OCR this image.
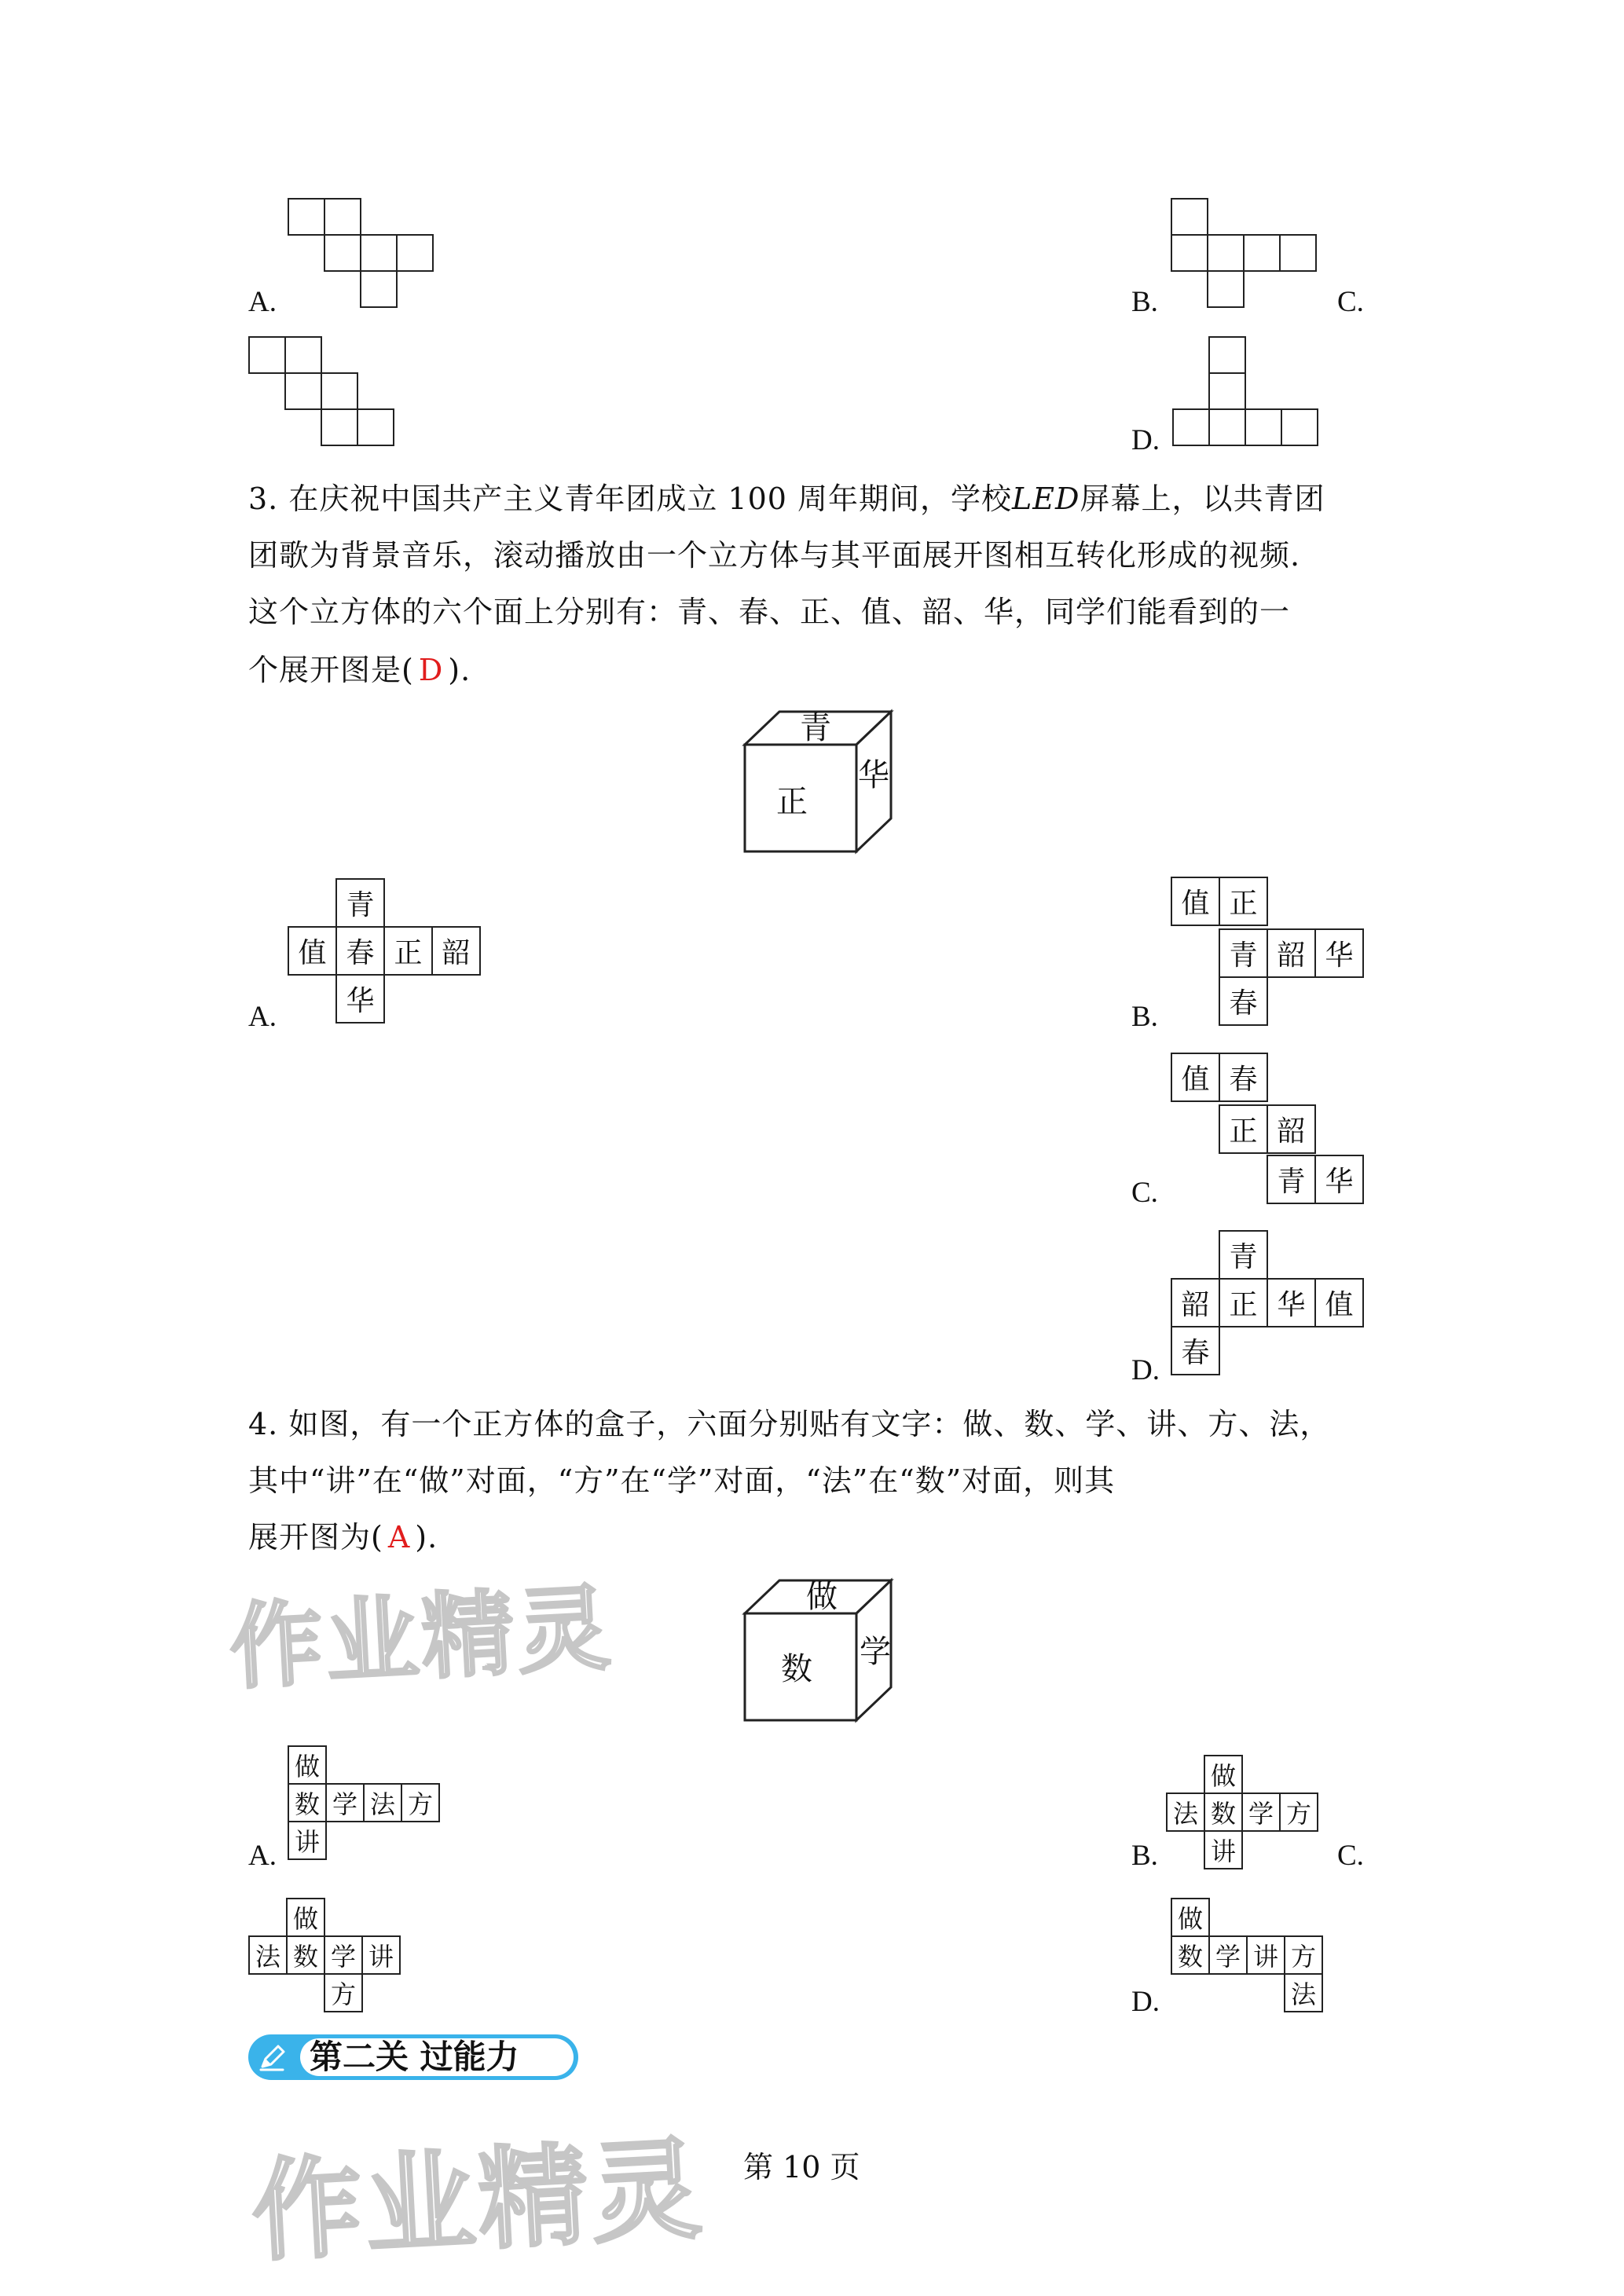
作业精灵
作业精灵
A.	B.	C.
D.
3. 在庆祝中国共产主义青年团成立 100 周年期间，学校𝐿𝐸𝐷屏幕上，以共青团
团歌为背景音乐，滚动播放由一个立方体与其平面展开图相互转化形成的视频.
这个立方体的六个面上分别有：青、春、正、值、韶、华，同学们能看到的一
个展开图是( D ).
青
正
华
青
值 春 正 韶
华
A.
值 正
青 韶 华
春
B.
值 春
正 韶
青 华
C.
青
韶 正 华 值
春
D.
4. 如图，有一个正方体的盒子，六面分别贴有文字：做、数、学、讲、方、法，
其中“讲”在“做”对面，“方”在“学”对面，“法”在“数”对面，则其
展开图为( A ).
做
数 学
做
数 学 法 方
讲
A.
做
法 数 学 方
讲
B.	C.
做
法 数 学 讲
方
做
数 学 讲 方
法
D.
第二关 过能力
第 10 页
